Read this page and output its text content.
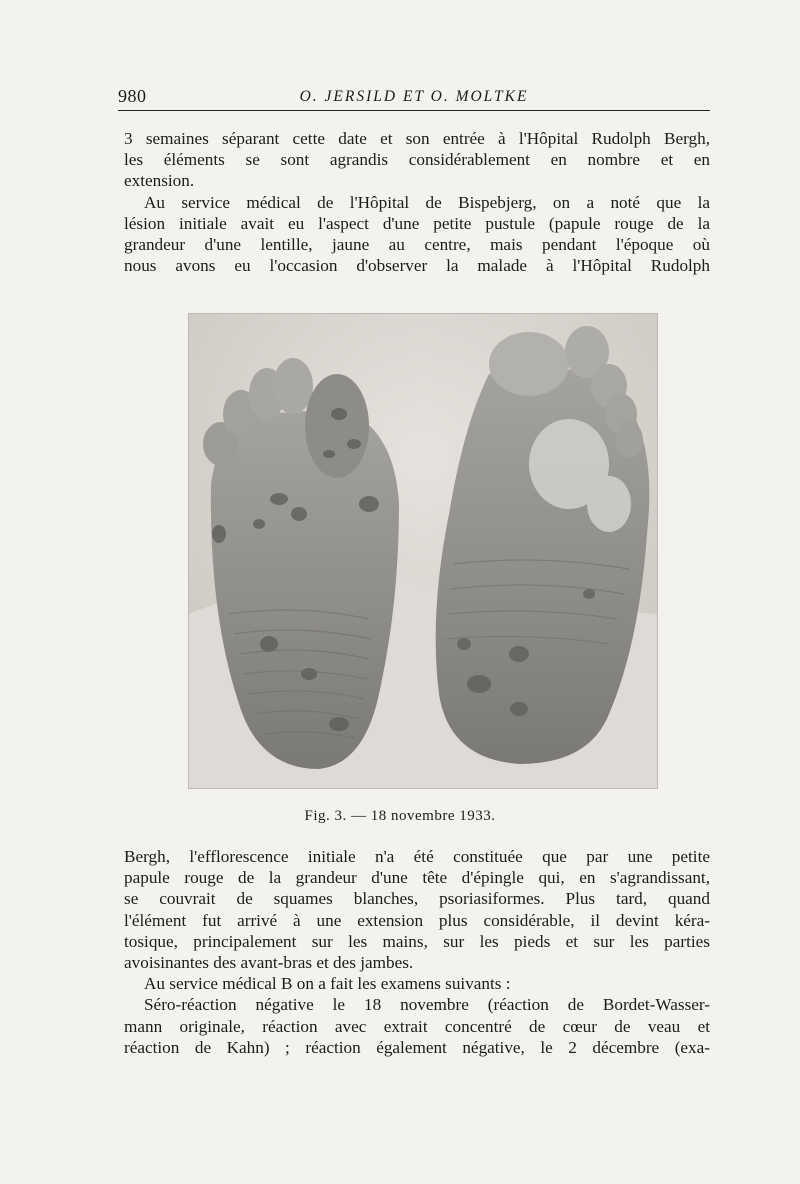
980	O. JERSILD ET O. MOLTKE
3 semaines séparant cette date et son entrée à l'Hôpital Rudolph Bergh,
les éléments se sont agrandis considérablement en nombre et en
extension.
Au service médical de l'Hôpital de Bispebjerg, on a noté que la
lésion initiale avait eu l'aspect d'une petite pustule (papule rouge de la
grandeur d'une lentille, jaune au centre, mais pendant l'époque où
nous avons eu l'occasion d'observer la malade à l'Hôpital Rudolph
Fig. 3. — 18 novembre 1933.
Bergh, l'efflorescence initiale n'a été constituée que par une petite
papule rouge de la grandeur d'une tête d'épingle qui, en s'agrandissant,
se couvrait de squames blanches, psoriasiformes. Plus tard, quand
l'élément fut arrivé à une extension plus considérable, il devint kéra-
tosique, principalement sur les mains, sur les pieds et sur les parties
avoisinantes des avant-bras et des jambes.
Au service médical B on a fait les examens suivants :
Séro-réaction négative le 18 novembre (réaction de Bordet-Wasser-
mann originale, réaction avec extrait concentré de cœur de veau et
réaction de Kahn) ; réaction également négative, le 2 décembre (exa-
